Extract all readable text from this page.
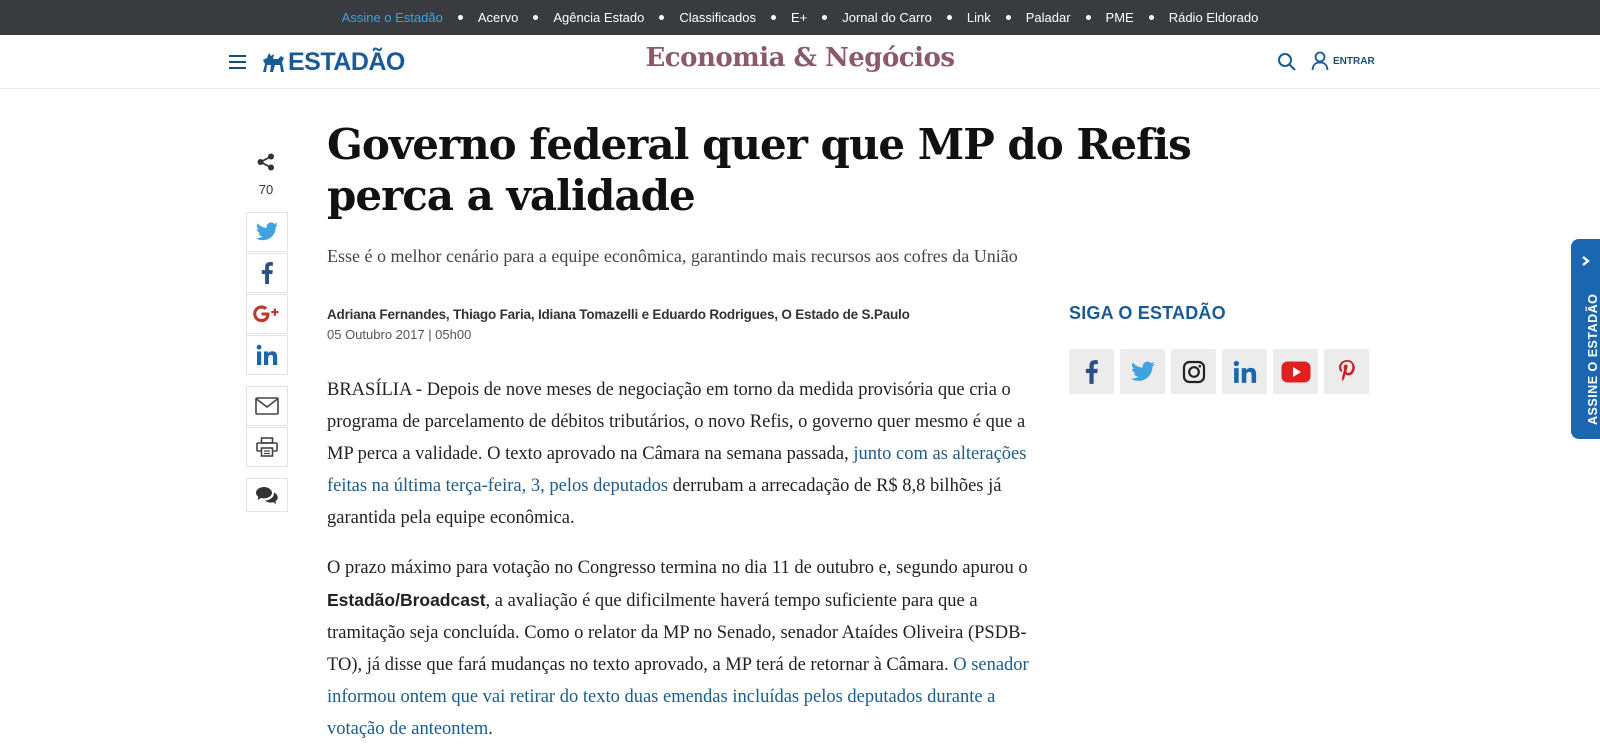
Assine o Estadão	Acervo	Agência Estado	Classificados	E+	Jornal do Carro	Link	Paladar	PME	Rádio Eldorado
ESTADÃO	Economia & Negócios	ENTRAR
70
Governo federal quer que MP do Refis perca a validade

Esse é o melhor cenário para a equipe econômica, garantindo mais recursos aos cofres da União

Adriana Fernandes, Thiago Faria, Idiana Tomazelli e Eduardo Rodrigues, O Estado de S.Paulo
05 Outubro 2017 | 05h00

BRASÍLIA - Depois de nove meses de negociação em torno da medida provisória que cria o programa de parcelamento de débitos tributários, o novo Refis, o governo quer mesmo é que a MP perca a validade. O texto aprovado na Câmara na semana passada, junto com as alterações feitas na última terça-feira, 3, pelos deputados derrubam a arrecadação de R$ 8,8 bilhões já garantida pela equipe econômica.

O prazo máximo para votação no Congresso termina no dia 11 de outubro e, segundo apurou o Estadão/Broadcast, a avaliação é que dificilmente haverá tempo suficiente para que a tramitação seja concluída. Como o relator da MP no Senado, senador Ataídes Oliveira (PSDB-TO), já disse que fará mudanças no texto aprovado, a MP terá de retornar à Câmara. O senador informou ontem que vai retirar do texto duas emendas incluídas pelos deputados durante a votação de anteontem.

SIGA O ESTADÃO	ASSINE O ESTADÃO
